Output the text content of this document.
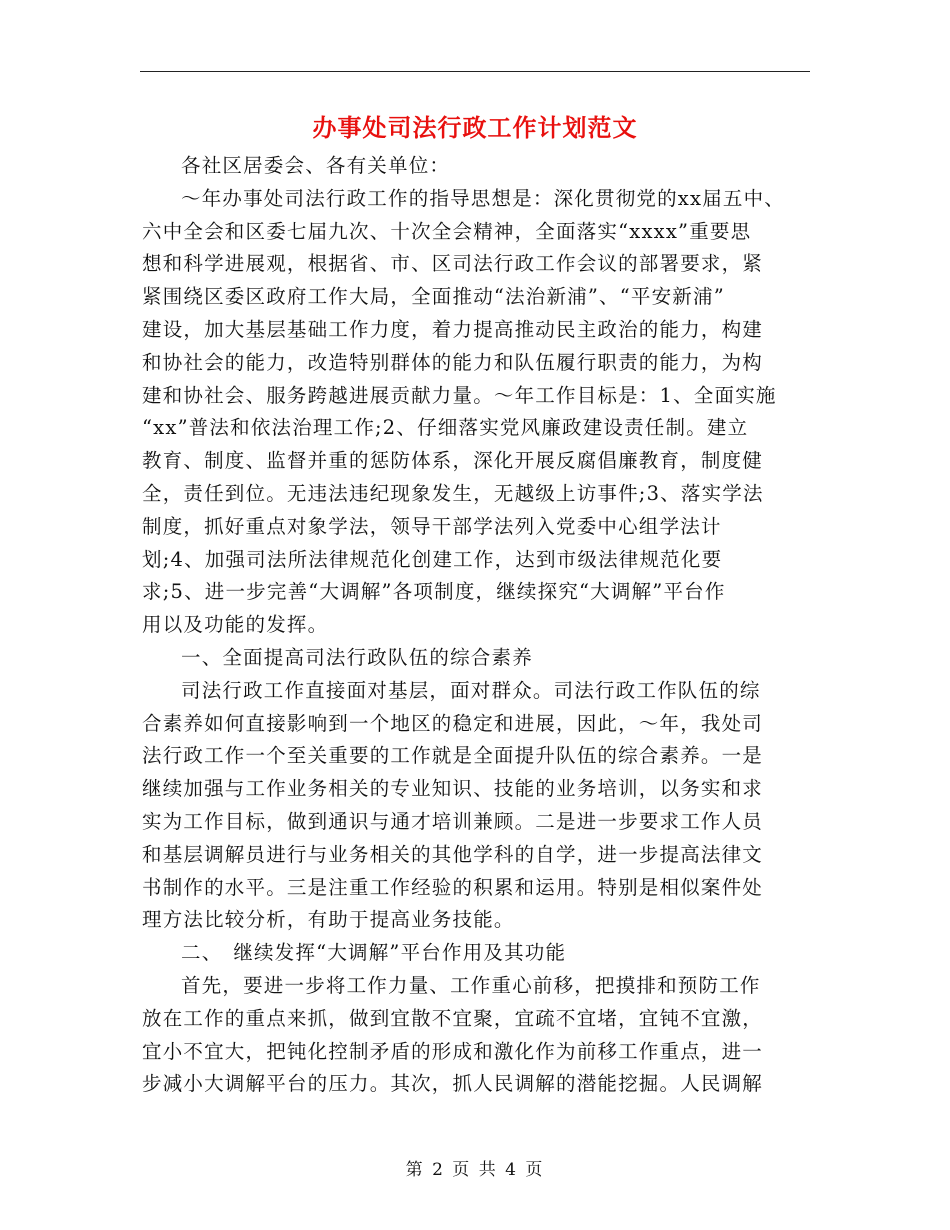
办事处司法行政工作计划范文

各社区居委会、各有关单位：

～年办事处司法行政工作的指导思想是：深化贯彻党的xx届五中、

六中全会和区委七届九次、十次全会精神，全面落实“xxxx”重要思

想和科学进展观，根据省、市、区司法行政工作会议的部署要求，紧

紧围绕区委区政府工作大局，全面推动“法治新浦”、“平安新浦”

建设，加大基层基础工作力度，着力提高推动民主政治的能力，构建

和协社会的能力，改造特别群体的能力和队伍履行职责的能力，为构

建和协社会、服务跨越进展贡献力量。～年工作目标是：1、全面实施

“xx”普法和依法治理工作;2、仔细落实党风廉政建设责任制。建立

教育、制度、监督并重的惩防体系，深化开展反腐倡廉教育，制度健

全，责任到位。无违法违纪现象发生，无越级上访事件;3、落实学法

制度，抓好重点对象学法，领导干部学法列入党委中心组学法计

划;4、加强司法所法律规范化创建工作，达到市级法律规范化要

求;5、进一步完善“大调解”各项制度，继续探究“大调解”平台作

用以及功能的发挥。

一、全面提高司法行政队伍的综合素养

司法行政工作直接面对基层，面对群众。司法行政工作队伍的综

合素养如何直接影响到一个地区的稳定和进展，因此，～年，我处司

法行政工作一个至关重要的工作就是全面提升队伍的综合素养。一是

继续加强与工作业务相关的专业知识、技能的业务培训，以务实和求

实为工作目标，做到通识与通才培训兼顾。二是进一步要求工作人员

和基层调解员进行与业务相关的其他学科的自学，进一步提高法律文

书制作的水平。三是注重工作经验的积累和运用。特别是相似案件处

理方法比较分析，有助于提高业务技能。

二、　继续发挥“大调解”平台作用及其功能

首先，要进一步将工作力量、工作重心前移，把摸排和预防工作

放在工作的重点来抓，做到宜散不宜聚，宜疏不宜堵，宜钝不宜激，

宜小不宜大，把钝化控制矛盾的形成和激化作为前移工作重点，进一

步减小大调解平台的压力。其次，抓人民调解的潜能挖掘。人民调解

第 2 页 共 4 页
